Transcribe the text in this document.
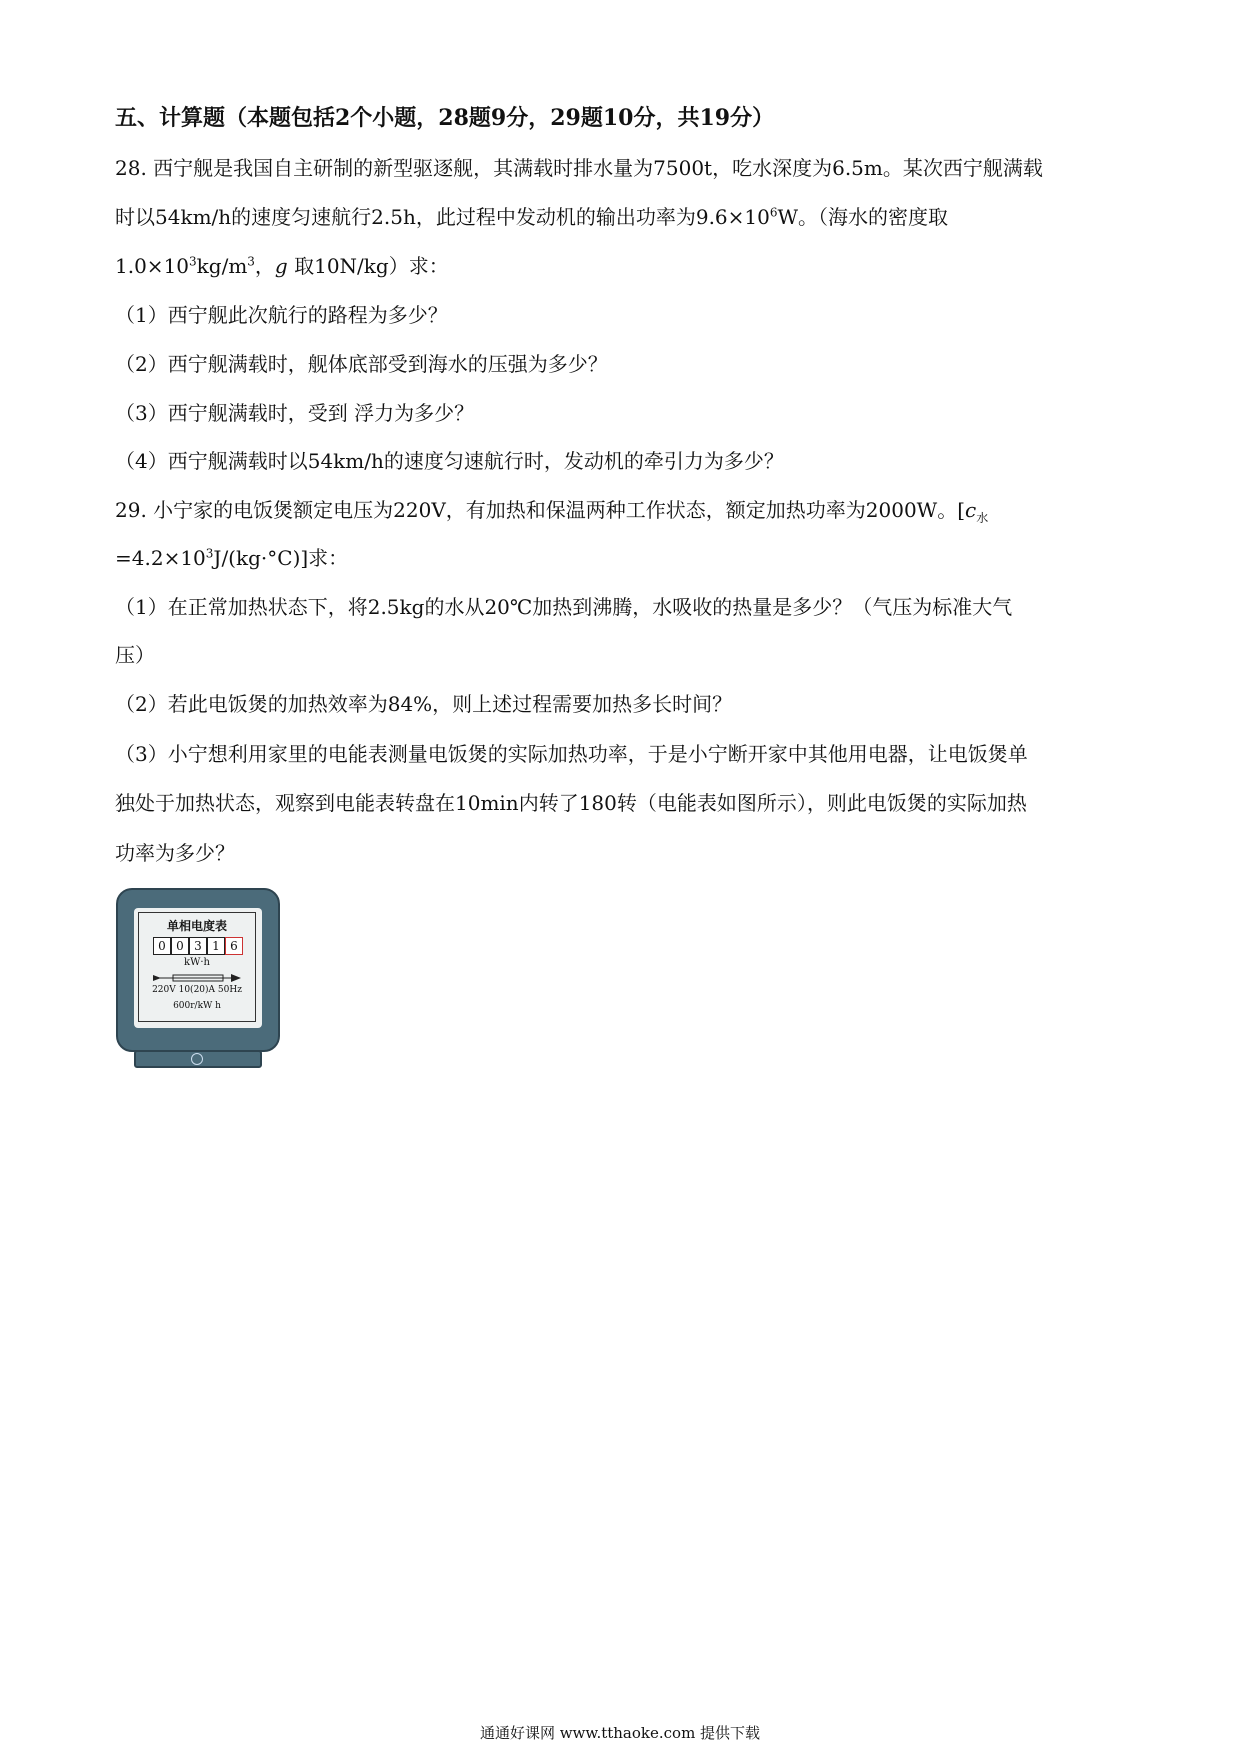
五、计算题（本题包括2个小题，28题9分，29题10分，共19分）
28. 西宁舰是我国自主研制的新型驱逐舰，其满载时排水量为7500t，吃水深度为6.5m。某次西宁舰满载
时以54km/h的速度匀速航行2.5h，此过程中发动机的输出功率为$9.6\times 10^6W$。（海水的密度取
$1.0\times 10^3kg/m^3$，g 取10N/kg）求：
（1）西宁舰此次航行的路程为多少？
（2）西宁舰满载时，舰体底部受到海水的压强为多少？
（3）西宁舰满载时，受到 浮力为多少？
（4）西宁舰满载时以54km/h的速度匀速航行时，发动机的牵引力为多少？
29. 小宁家的电饭煲额定电压为220V，有加热和保温两种工作状态，额定加热功率为2000W。[$c_水$
$=4.2\times 10^3J/(kg\cdot^\circ C)$]求：
（1）在正常加热状态下，将2.5kg的水从20℃加热到沸腾，水吸收的热量是多少？（气压为标准大气
压）
（2）若此电饭煲的加热效率为84%，则上述过程需要加热多长时间？
（3）小宁想利用家里的电能表测量电饭煲的实际加热功率，于是小宁断开家中其他用电器，让电饭煲单
独处于加热状态，观察到电能表转盘在10min内转了180转（电能表如图所示），则此电饭煲的实际加热
功率为多少？
单相电度表
0 0 3 1 6
kW·h
220V 10(20)A 50Hz
600r/kW h
通通好课网 www.tthaoke.com 提供下载
